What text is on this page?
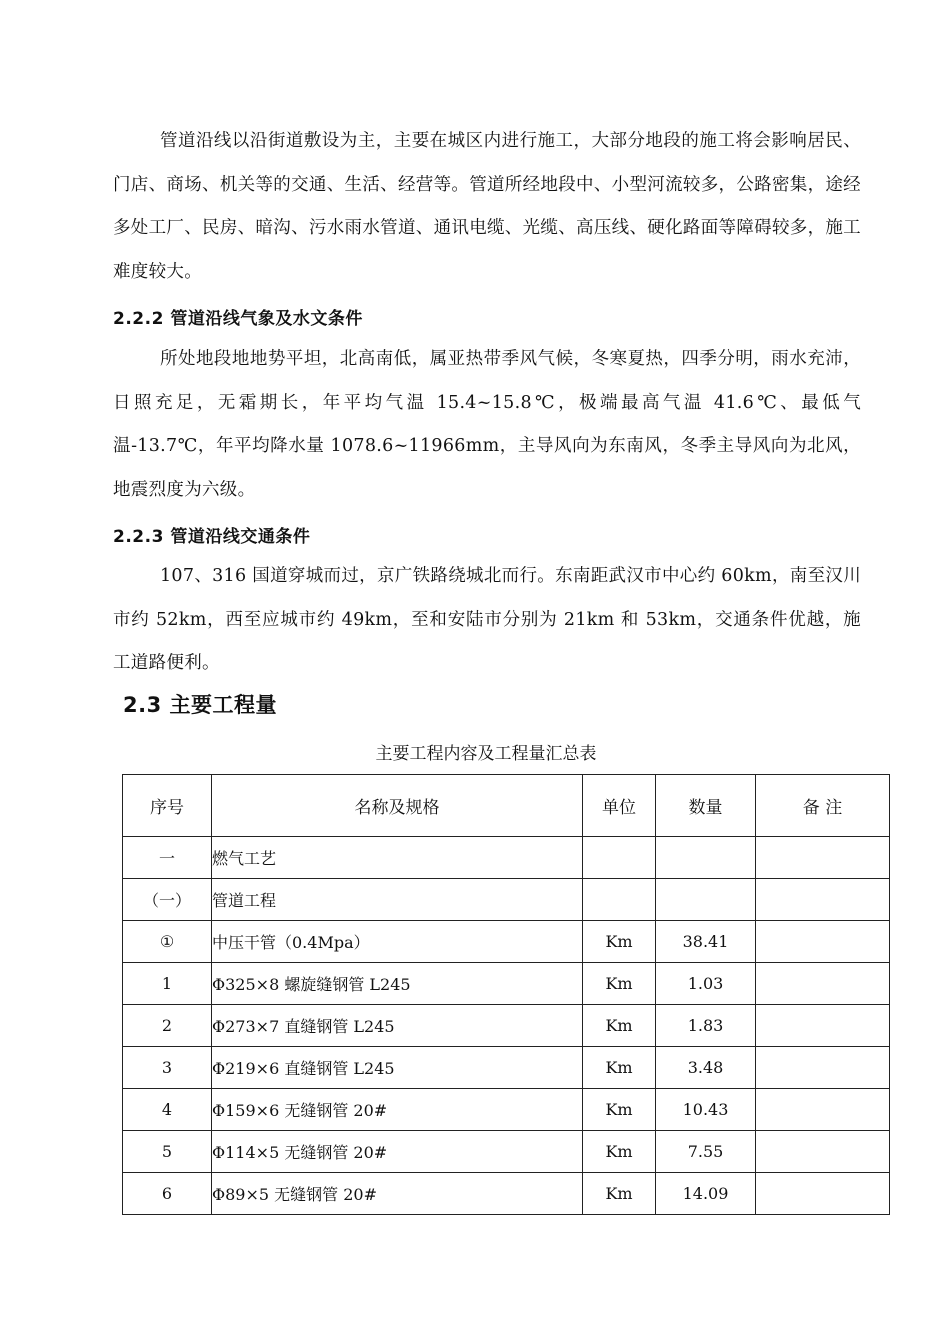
管道沿线以沿街道敷设为主，主要在城区内进行施工，大部分地段的施工将会影响居民、门店、商场、机关等的交通、生活、经营等。管道所经地段中、小型河流较多，公路密集，途经多处工厂、民房、暗沟、污水雨水管道、通讯电缆、光缆、高压线、硬化路面等障碍较多，施工难度较大。

2.2.2 管道沿线气象及水文条件

所处地段地地势平坦，北高南低，属亚热带季风气候，冬寒夏热，四季分明，雨水充沛，日照充足，无霜期长，年平均气温 15.4~15.8℃，极端最高气温 41.6℃、最低气温-13.7℃，年平均降水量 1078.6~11966mm，主导风向为东南风，冬季主导风向为北风，地震烈度为六级。

2.2.3 管道沿线交通条件

107、316 国道穿城而过，京广铁路绕城北而行。东南距武汉市中心约 60km，南至汉川市约 52km，西至应城市约 49km，至和安陆市分别为 21km 和 53km，交通条件优越，施工道路便利。

2.3 主要工程量
主要工程内容及工程量汇总表
序号	名称及规格	单位	数量	备 注
一	燃气工艺			
（一）	管道工程			
①	中压干管（0.4Mpa）	Km	38.41	
1	Φ325×8 螺旋缝钢管 L245	Km	1.03	
2	Φ273×7 直缝钢管 L245	Km	1.83	
3	Φ219×6 直缝钢管 L245	Km	3.48	
4	Φ159×6 无缝钢管 20#	Km	10.43	
5	Φ114×5 无缝钢管 20#	Km	7.55	
6	Φ89×5 无缝钢管 20#	Km	14.09	
